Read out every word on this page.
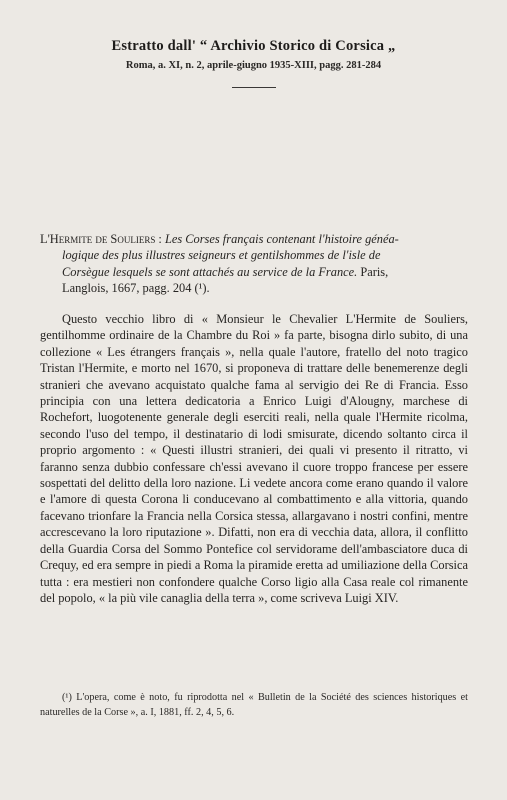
Estratto dall' “ Archivio Storico di Corsica „
Roma, a. XI, n. 2, aprile-giugno 1935-XIII, pagg. 281-284
L'Hermite de Souliers : Les Corses français contenant l'histoire généa-
logique des plus illustres seigneurs et gentilshommes de l'isle de
Corsègue lesquels se sont attachés au service de la France. Paris,
Langlois, 1667, pagg. 204 (¹).

Questo vecchio libro di « Monsieur le Chevalier L'Hermite de Souliers, gentilhomme ordinaire de la Chambre du Roi » fa parte, bisogna dirlo subito, di una collezione « Les étrangers français », nella quale l'autore, fratello del noto tragico Tristan l'Hermite, e morto nel 1670, si proponeva di trattare delle benemerenze degli stranieri che avevano acquistato qualche fama al servigio dei Re di Francia. Esso principia con una lettera dedicatoria a Enrico Luigi d'Alougny, marchese di Rochefort, luogotenente generale degli eserciti reali, nella quale l'Hermite ricolma, secondo l'uso del tempo, il destinatario di lodi smisurate, dicendo soltanto circa il proprio argomento : « Questi illustri stranieri, dei quali vi presento il ritratto, vi faranno senza dubbio confessare ch'essi avevano il cuore troppo francese per essere sospettati del delitto della loro nazione. Li vedete ancora come erano quando il valore e l'amore di questa Corona li conducevano al combattimento e alla vittoria, quando facevano trionfare la Francia nella Corsica stessa, allargavano i nostri confini, mentre accrescevano la loro riputazione ». Difatti, non era di vecchia data, allora, il conflitto della Guardia Corsa del Sommo Pontefice col servidorame dell'ambasciatore duca di Crequy, ed era sempre in piedi a Roma la piramide eretta ad umiliazione della Corsica tutta : era mestieri non confondere qualche Corso ligio alla Casa reale col rimanente del popolo, « la più vile canaglia della terra », come scriveva Luigi XIV.

(¹) L'opera, come è noto, fu riprodotta nel « Bulletin de la Société des sciences historiques et naturelles de la Corse », a. I, 1881, ff. 2, 4, 5, 6.
